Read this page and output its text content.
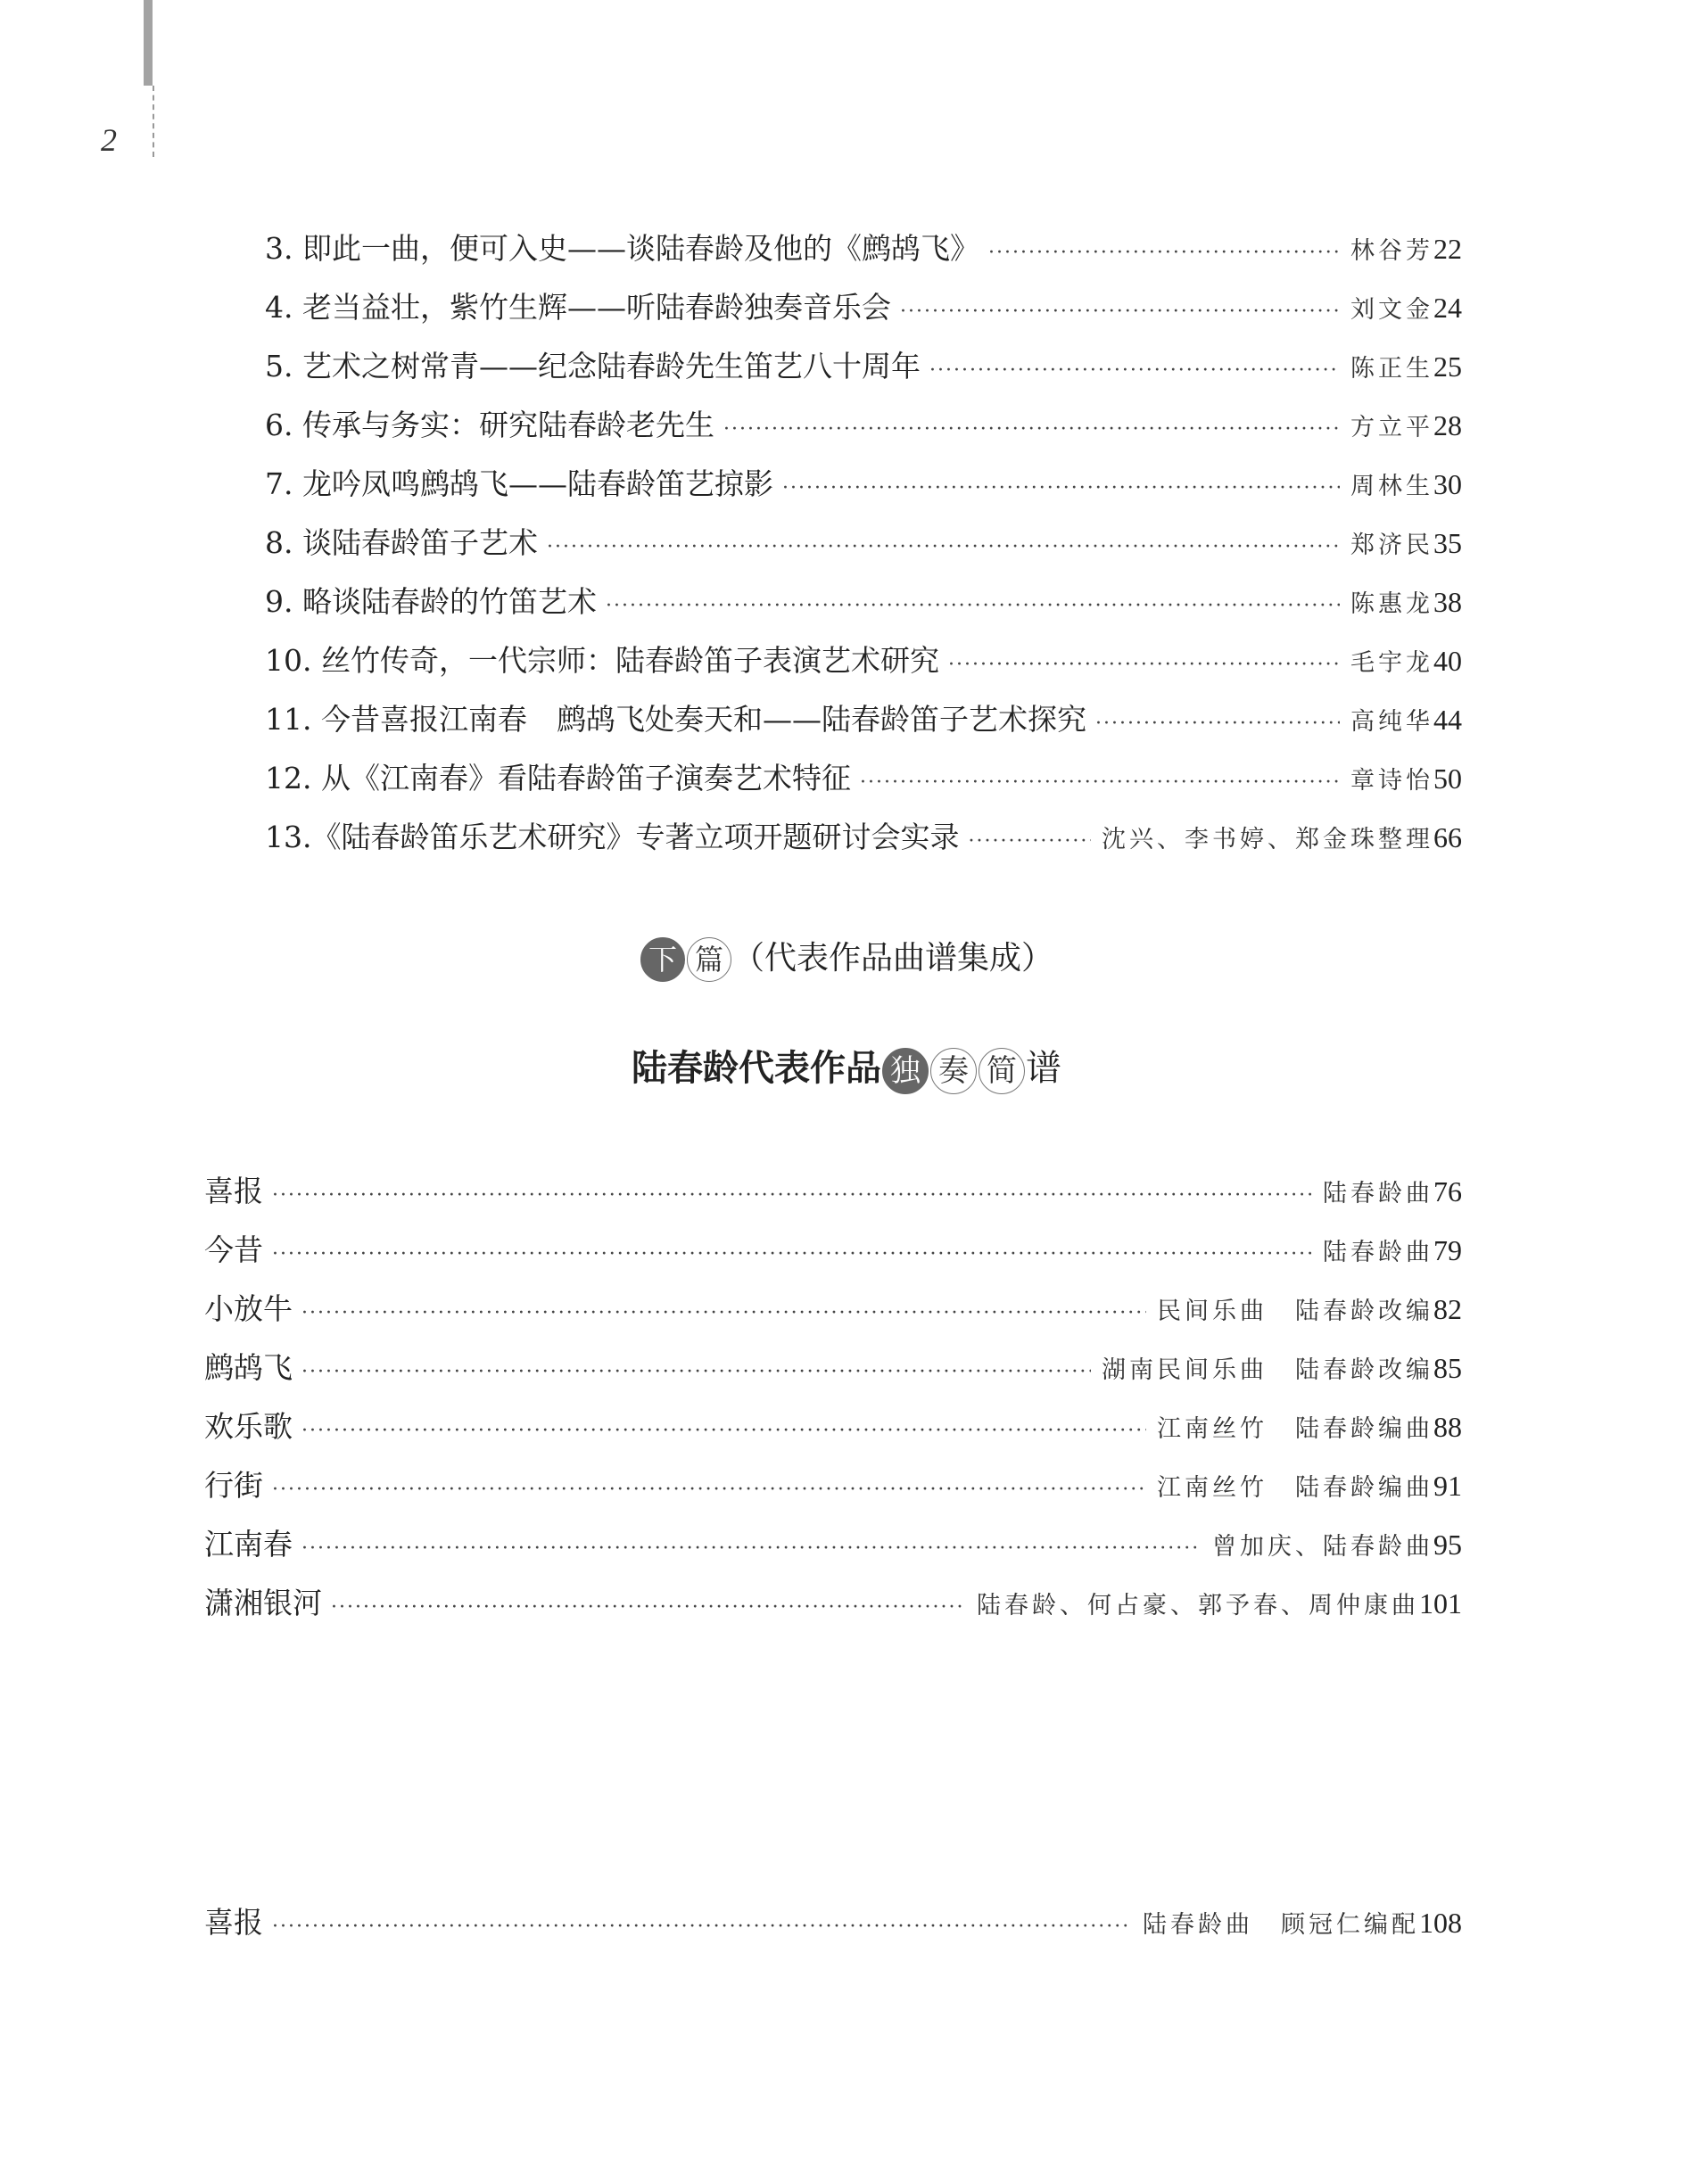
2
3. 即此一曲，便可入史——谈陆春龄及他的《鹧鸪飞》 ·····	林谷芳 22
4. 老当益壮，紫竹生辉——听陆春龄独奏音乐会 ·····	刘文金 24
5. 艺术之树常青——纪念陆春龄先生笛艺八十周年 ·····	陈正生 25
6. 传承与务实：研究陆春龄老先生 ·····	方立平 28
7. 龙吟凤鸣鹧鸪飞——陆春龄笛艺掠影 ·····	周林生 30
8. 谈陆春龄笛子艺术 ·····	郑济民 35
9. 略谈陆春龄的竹笛艺术 ·····	陈惠龙 38
10. 丝竹传奇，一代宗师：陆春龄笛子表演艺术研究 ·····	毛宇龙 40
11. 今昔喜报江南春　鹧鸪飞处奏天和——陆春龄笛子艺术探究 ·····	高纯华 44
12. 从《江南春》看陆春龄笛子演奏艺术特征 ·····	章诗怡 50
13.《陆春龄笛乐艺术研究》专著立项开题研讨会实录 ·····	沈兴、李书婷、郑金珠整理 66
下 篇 （代表作品曲谱集成）
陆春龄代表作品 独 奏 简 谱
喜报 ·····	陆春龄曲 76
今昔 ·····	陆春龄曲 79
小放牛 ·····	民间乐曲　陆春龄改编 82
鹧鸪飞 ·····	湖南民间乐曲　陆春龄改编 85
欢乐歌 ·····	江南丝竹　陆春龄编曲 88
行街 ·····	江南丝竹　陆春龄编曲 91
江南春 ·····	曾加庆、陆春龄曲 95
潇湘银河 ·····	陆春龄、何占豪、郭予春、周仲康曲 101
喜报 ·····	陆春龄曲　顾冠仁编配 108
